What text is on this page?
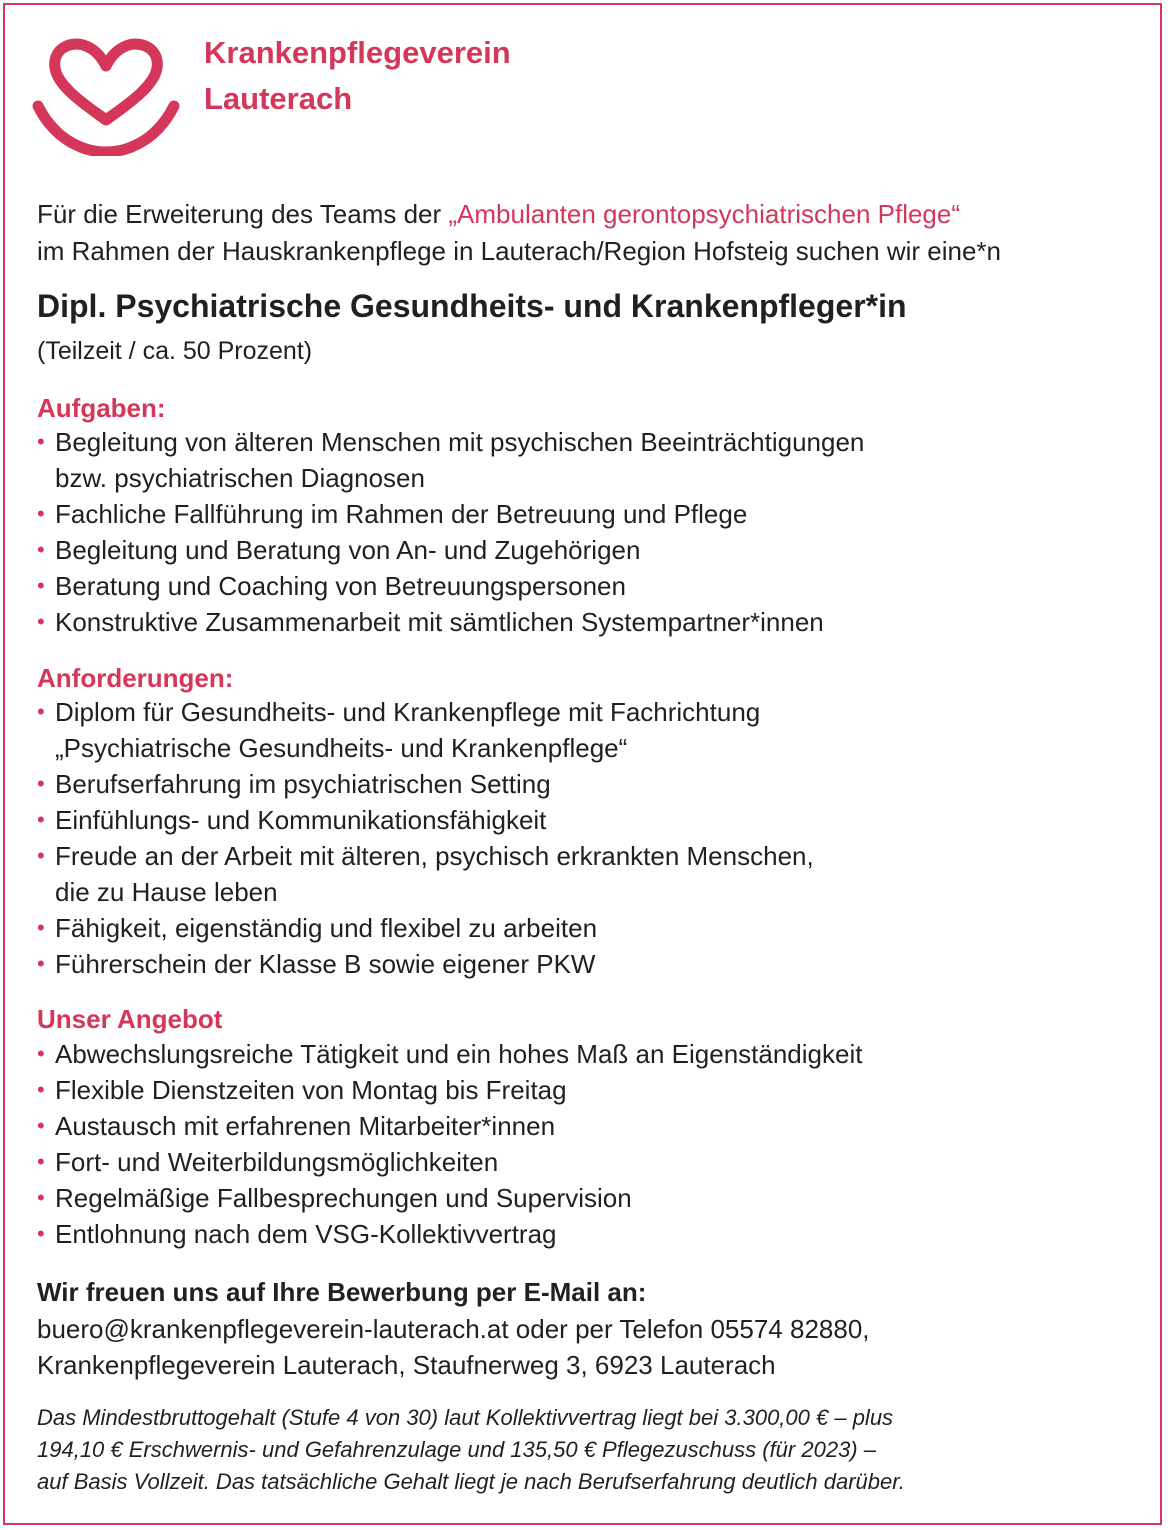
Krankenpflegeverein
Lauterach
Für die Erweiterung des Teams der „Ambulanten gerontopsychiatrischen Pflege“
im Rahmen der Hauskrankenpflege in Lauterach/Region Hofsteig suchen wir eine*n
Dipl. Psychiatrische Gesundheits- und Krankenpfleger*in
(Teilzeit / ca. 50 Prozent)
Aufgaben:
• Begleitung von älteren Menschen mit psychischen Beeinträchtigungen
bzw. psychiatrischen Diagnosen
• Fachliche Fallführung im Rahmen der Betreuung und Pflege
• Begleitung und Beratung von An- und Zugehörigen
• Beratung und Coaching von Betreuungspersonen
• Konstruktive Zusammenarbeit mit sämtlichen Systempartner*innen
Anforderungen:
• Diplom für Gesundheits- und Krankenpflege mit Fachrichtung
„Psychiatrische Gesundheits- und Krankenpflege“
• Berufserfahrung im psychiatrischen Setting
• Einfühlungs- und Kommunikationsfähigkeit
• Freude an der Arbeit mit älteren, psychisch erkrankten Menschen,
die zu Hause leben
• Fähigkeit, eigenständig und flexibel zu arbeiten
• Führerschein der Klasse B sowie eigener PKW
Unser Angebot
• Abwechslungsreiche Tätigkeit und ein hohes Maß an Eigenständigkeit
• Flexible Dienstzeiten von Montag bis Freitag
• Austausch mit erfahrenen Mitarbeiter*innen
• Fort- und Weiterbildungsmöglichkeiten
• Regelmäßige Fallbesprechungen und Supervision
• Entlohnung nach dem VSG-Kollektivvertrag
Wir freuen uns auf Ihre Bewerbung per E-Mail an:
buero@krankenpflegeverein-lauterach.at oder per Telefon 05574 82880,
Krankenpflegeverein Lauterach, Staufnerweg 3, 6923 Lauterach
Das Mindestbruttogehalt (Stufe 4 von 30) laut Kollektivvertrag liegt bei 3.300,00 € – plus
194,10 € Erschwernis- und Gefahrenzulage und 135,50 € Pflegezuschuss (für 2023) –
auf Basis Vollzeit. Das tatsächliche Gehalt liegt je nach Berufserfahrung deutlich darüber.
